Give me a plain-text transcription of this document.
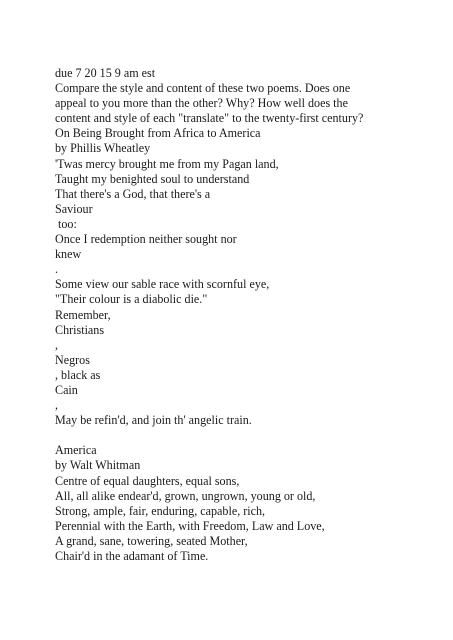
due 7 20 15 9 am est
Compare the style and content of these two poems. Does one
appeal to you more than the other? Why? How well does the
content and style of each "translate" to the twenty-first century?
On Being Brought from Africa to America
by Phillis Wheatley
'Twas mercy brought me from my Pagan land,
Taught my benighted soul to understand
That there's a God, that there's a
Saviour
too:
Once I redemption neither sought nor
knew
.
Some view our sable race with scornful eye,
"Their colour is a diabolic die."
Remember,
Christians
,
Negros
, black as
Cain
,
May be refin'd, and join th' angelic train.
America
by Walt Whitman
Centre of equal daughters, equal sons,
All, all alike endear'd, grown, ungrown, young or old,
Strong, ample, fair, enduring, capable, rich,
Perennial with the Earth, with Freedom, Law and Love,
A grand, sane, towering, seated Mother,
Chair'd in the adamant of Time.
